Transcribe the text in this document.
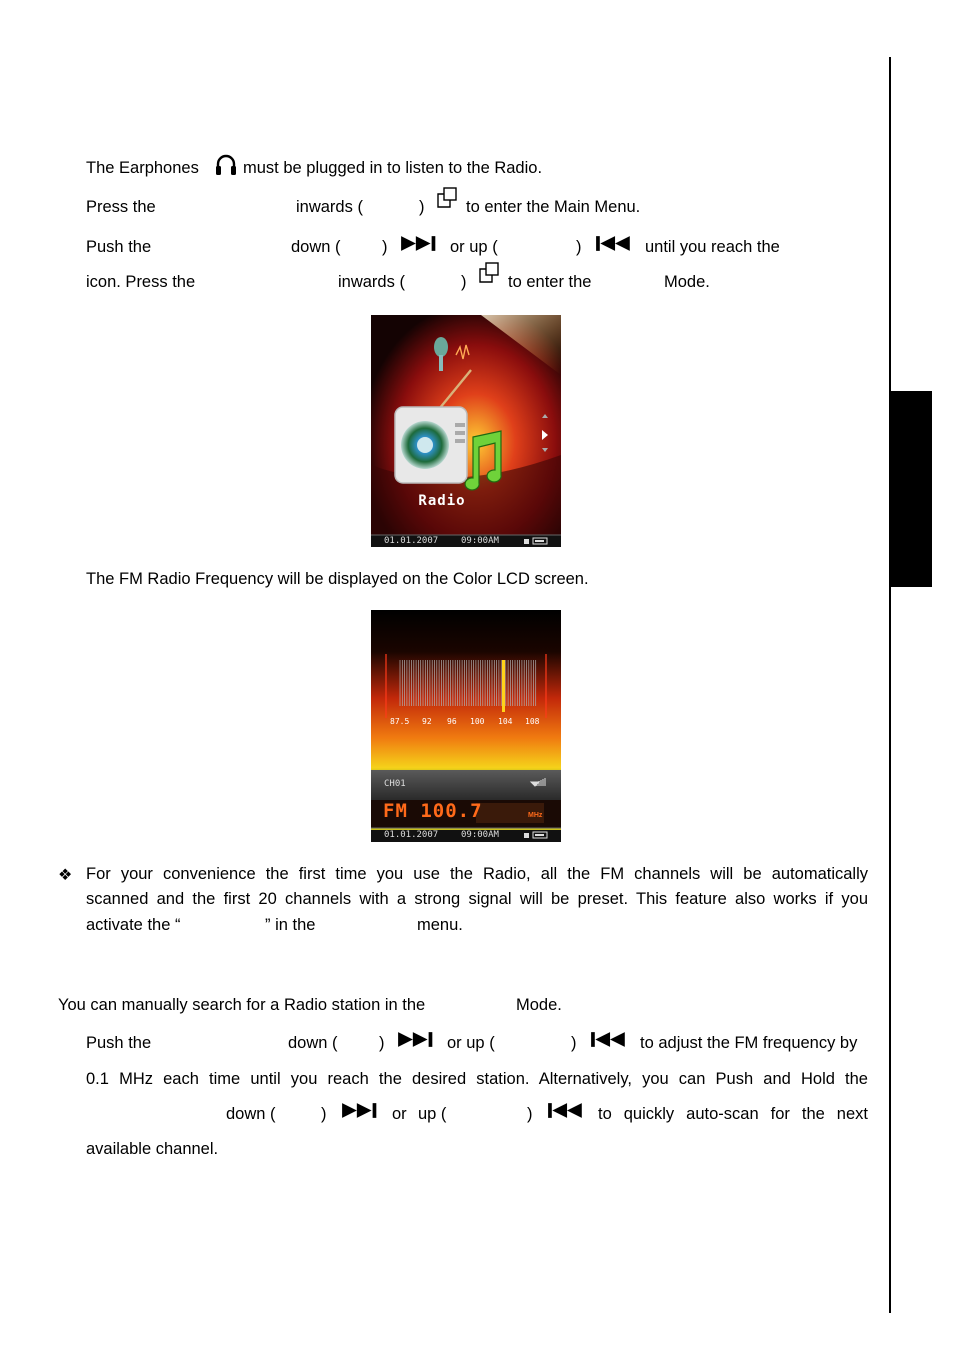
The Earphones	must be plugged in to listen to the Radio.
Press the	inwards (	)	to enter the Main Menu.
Push the	down (	)	or up (	)	until you reach the
icon. Press the	inwards (	)	to enter the	Mode.
Radio
01.01.2007	09:00AM
The FM Radio Frequency will be displayed on the Color LCD screen.
87.5 92 96 100 104 108
CH01
FM 100.7	MHz
01.01.2007	09:00AM
❖ For your convenience the first time you use the Radio, all the FM channels will be automatically
scanned and the first 20 channels with a strong signal will be preset. This feature also works if you
activate the “	” in the	menu.
You can manually search for a Radio station in the	Mode.
Push the	down (	)	or up (	)	to adjust the FM frequency by
0.1 MHz each time until you reach the desired station. Alternatively, you can Push and Hold the
down (	)	or up (	)	to quickly auto-scan for the next
available channel.
